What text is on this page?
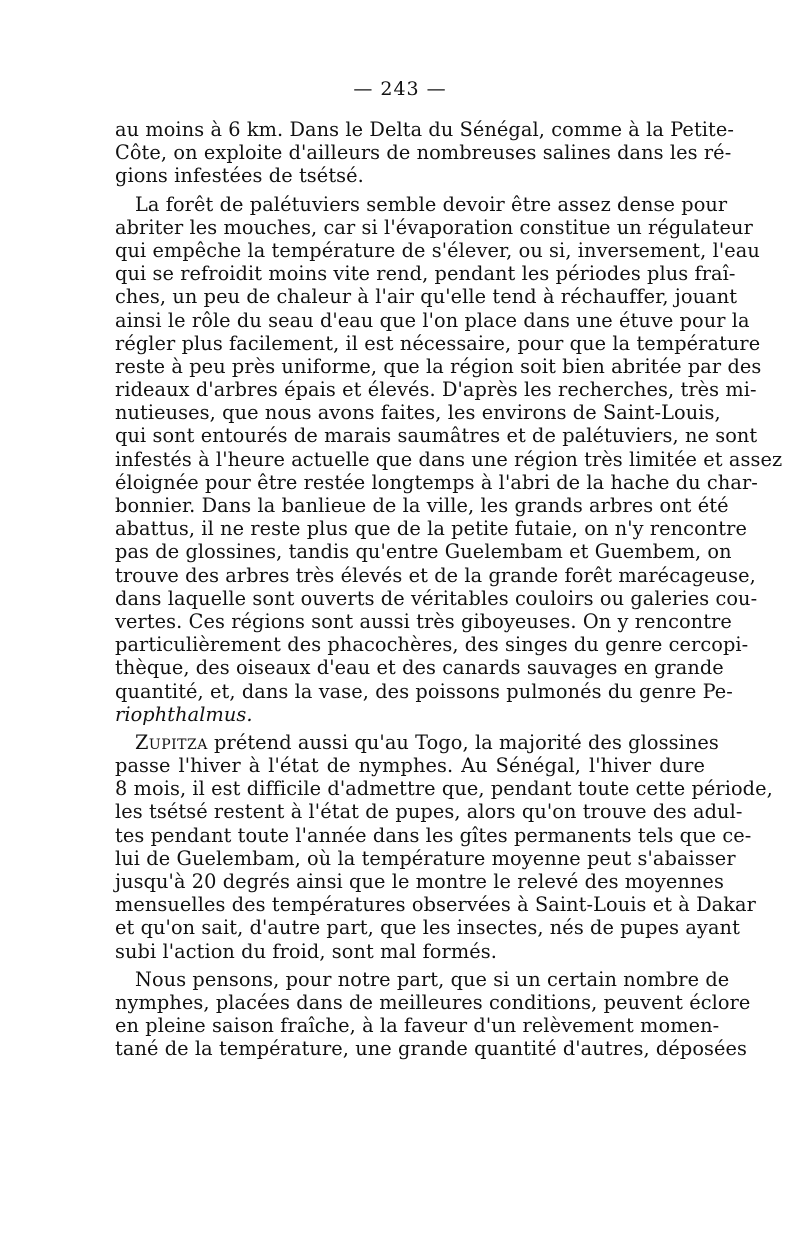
— 243 —
au moins à 6 km. Dans le Delta du Sénégal, comme à la Petite-
Côte, on exploite d'ailleurs de nombreuses salines dans les ré-
gions infestées de tsétsé.
La forêt de palétuviers semble devoir être assez dense pour
abriter les mouches, car si l'évaporation constitue un régulateur
qui empêche la température de s'élever, ou si, inversement, l'eau
qui se refroidit moins vite rend, pendant les périodes plus fraî-
ches, un peu de chaleur à l'air qu'elle tend à réchauffer, jouant
ainsi le rôle du seau d'eau que l'on place dans une étuve pour la
régler plus facilement, il est nécessaire, pour que la température
reste à peu près uniforme, que la région soit bien abritée par des
rideaux d'arbres épais et élevés. D'après les recherches, très mi-
nutieuses, que nous avons faites, les environs de Saint-Louis,
qui sont entourés de marais saumâtres et de palétuviers, ne sont
infestés à l'heure actuelle que dans une région très limitée et assez
éloignée pour être restée longtemps à l'abri de la hache du char-
bonnier. Dans la banlieue de la ville, les grands arbres ont été
abattus, il ne reste plus que de la petite futaie, on n'y rencontre
pas de glossines, tandis qu'entre Guelembam et Guembem, on
trouve des arbres très élevés et de la grande forêt marécageuse,
dans laquelle sont ouverts de véritables couloirs ou galeries cou-
vertes. Ces régions sont aussi très giboyeuses. On y rencontre
particulièrement des phacochères, des singes du genre cercopi-
thèque, des oiseaux d'eau et des canards sauvages en grande
quantité, et, dans la vase, des poissons pulmonés du genre Pe-
riophthalmus.
Zupitza prétend aussi qu'au Togo, la majorité des glossines
passe l'hiver à l'état de nymphes. Au Sénégal, l'hiver dure
8 mois, il est difficile d'admettre que, pendant toute cette période,
les tsétsé restent à l'état de pupes, alors qu'on trouve des adul-
tes pendant toute l'année dans les gîtes permanents tels que ce-
lui de Guelembam, où la température moyenne peut s'abaisser
jusqu'à 20 degrés ainsi que le montre le relevé des moyennes
mensuelles des températures observées à Saint-Louis et à Dakar
et qu'on sait, d'autre part, que les insectes, nés de pupes ayant
subi l'action du froid, sont mal formés.
Nous pensons, pour notre part, que si un certain nombre de
nymphes, placées dans de meilleures conditions, peuvent éclore
en pleine saison fraîche, à la faveur d'un relèvement momen-
tané de la température, une grande quantité d'autres, déposées
